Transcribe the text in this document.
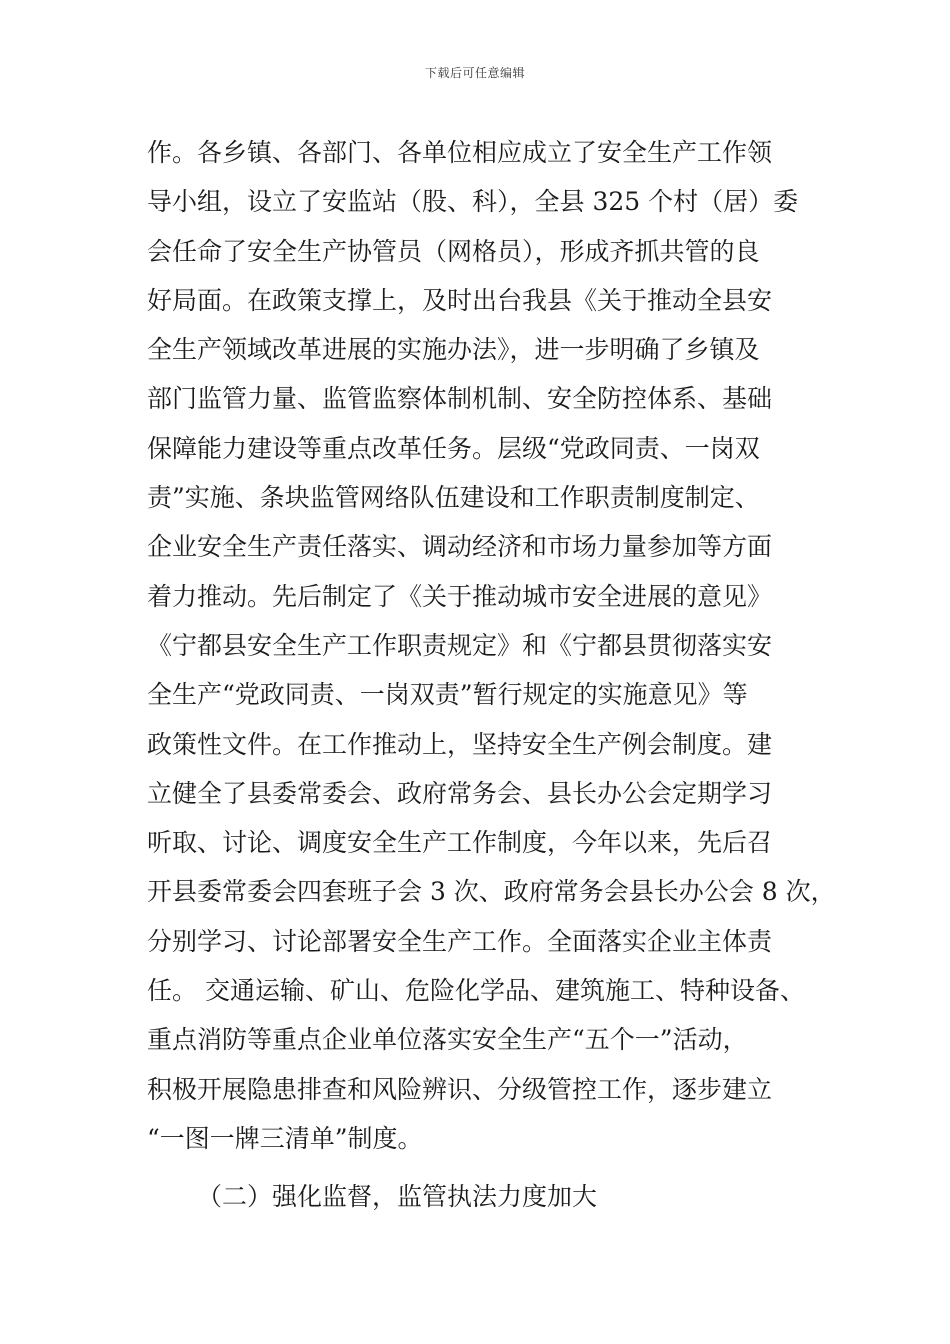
下载后可任意编辑
作。各乡镇、各部门、各单位相应成立了安全生产工作领
导小组，设立了安监站（股、科），全县 325 个村（居）委
会任命了安全生产协管员（网格员），形成齐抓共管的良
好局面。在政策支撑上，及时出台我县《关于推动全县安
全生产领域改革进展的实施办法》，进一步明确了乡镇及
部门监管力量、监管监察体制机制、安全防控体系、基础
保障能力建设等重点改革任务。层级“党政同责、一岗双
责”实施、条块监管网络队伍建设和工作职责制度制定、
企业安全生产责任落实、调动经济和市场力量参加等方面
着力推动。先后制定了《关于推动城市安全进展的意见》
《宁都县安全生产工作职责规定》和《宁都县贯彻落实安
全生产“党政同责、一岗双责”暂行规定的实施意见》等
政策性文件。在工作推动上，坚持安全生产例会制度。建
立健全了县委常委会、政府常务会、县长办公会定期学习
听取、讨论、调度安全生产工作制度，今年以来，先后召
开县委常委会四套班子会 3 次、政府常务会县长办公会 8 次，
分别学习、讨论部署安全生产工作。全面落实企业主体责
任。 交通运输、矿山、危险化学品、建筑施工、特种设备、
重点消防等重点企业单位落实安全生产“五个一”活动，
积极开展隐患排查和风险辨识、分级管控工作，逐步建立
“一图一牌三清单”制度。
（二）强化监督，监管执法力度加大
